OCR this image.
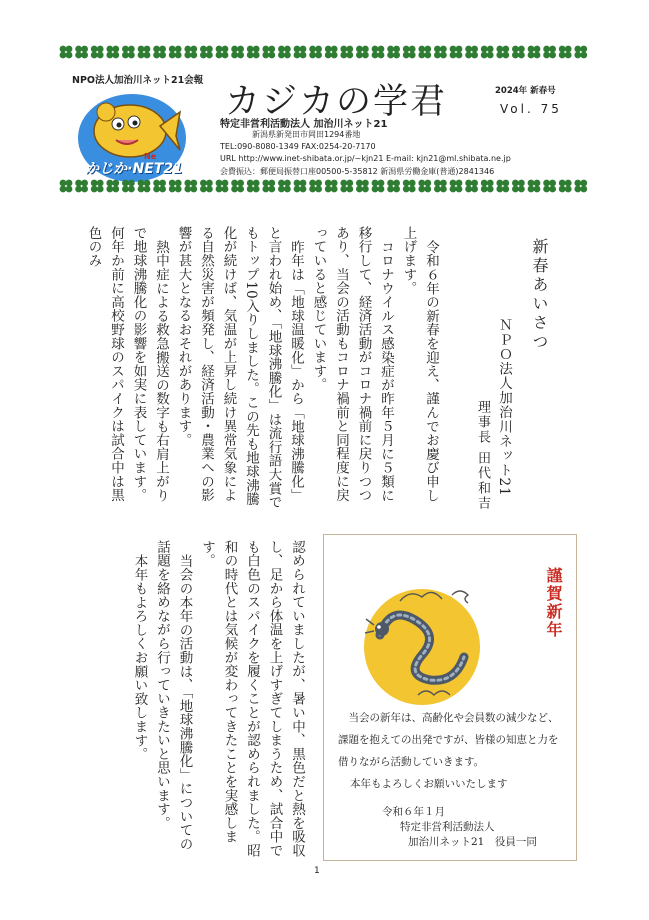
NPO法人加治川ネット21会報
かじか·NET21
Ne
カジカの学君	2024年 新春号
Vol. 75
特定非営利活動法人 加治川ネット21
新潟県新発田市岡田1294番地
TEL:090-8080-1349 FAX:0254-20-7170
URL http://www.inet-shibata.or.jp/~kjn21 E-mail: kjn21@ml.shibata.ne.jp
会費振込：郵便局振替口座00500-5-35812 新潟県労働金庫(普通)2841346
新春あいさつ
ＮＰＯ法人加治川ネット21
理事長 田代和吉

令和６年の新春を迎え、謹んでお慶び申し上げます。

コロナウイルス感染症が昨年５月に５類に移行して、経済活動がコロナ禍前に戻りつつあり、当会の活動もコロナ禍前と同程度に戻っていると感じています。

昨年は「地球温暖化」から「地球沸騰化」と言われ始め、「地球沸騰化」は流行語大賞でもトップ10入りしました。この先も地球沸騰化が続けば、気温が上昇し続け異常気象による自然災害が頻発し、経済活動・農業への影響が甚大となるおそれがあります。

熱中症による救急搬送の数字も右肩上がりで地球沸騰化の影響を如実に表しています。何年か前に高校野球のスパイクは試合中は黒色のみ

認められていましたが、暑い中、黒色だと熱を吸収し、足から体温を上げすぎてしまうため、試合中でも白色のスパイクを履くことが認められました。昭和の時代とは気候が変わってきたことを実感します。

当会の本年の活動は、「地球沸騰化」についての話題を絡めながら行っていきたいと思います。

本年もよろしくお願い致します。	謹賀新年
当会の新年は、高齢化や会員数の減少など、課題を抱えての出発ですが、皆様の知恵と力を借りながら活動していきます。
本年もよろしくお願いいたします
令和６年１月
特定非営利活動法人
加治川ネット21　役員一同
1
